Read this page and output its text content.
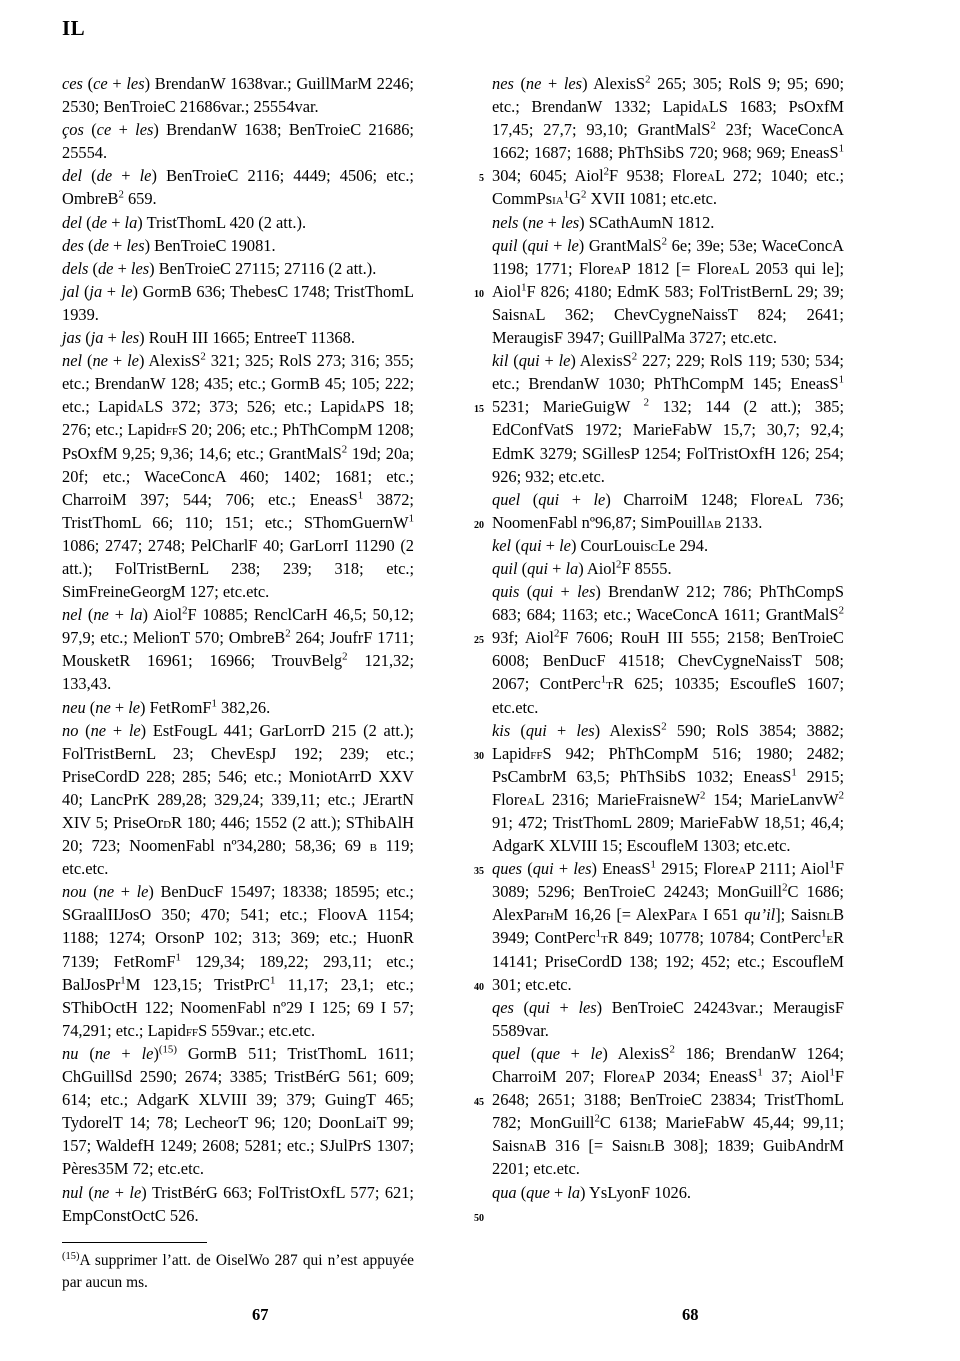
IL

ces (ce + les) BrendanW 1638var.; GuillMarM 2246; 2530; BenTroieC 21686var.; 25554var.

ços (ce + les) BrendanW 1638; BenTroieC 21686; 25554.

del (de + le) BenTroieC 2116; 4449; 4506; etc.; OmbreB$^2$ 659.

del (de + la) TristThomL 420 (2 att.).

des (de + les) BenTroieC 19081.

dels (de + les) BenTroieC 27115; 27116 (2 att.).

jal (ja + le) GormB 636; ThebesC 1748; TristThomL 1939.

jas (ja + les) RouH III 1665; EntreeT 11368.

nel (ne + le) AlexisS$^2$ 321; 325; RolS 273; 316; 355; etc.; BrendanW 128; 435; etc.; GormB 45; 105; 222; etc.; LapidaLS 372; 373; 526; etc.; LapidaPS 18; 276; etc.; LapidffS 20; 206; etc.; PhThCompM 1208; PsOxfM 9,25; 9,36; 14,6; etc.; GrantMalS$^2$ 19d; 20a; 20f; etc.; WaceConcA 460; 1402; 1681; etc.; CharroiM 397; 544; 706; etc.; EneasS$^1$ 3872; TristThomL 66; 110; 151; etc.; SThomGuernW$^1$ 1086; 2747; 2748; PelCharlF 40; GarLorrI 11290 (2 att.); FolTristBernL 238; 239; 318; etc.; SimFreineGeorgM 127; etc.etc.

nel (ne + la) Aiol$^2$F 10885; RenclCarH 46,5; 50,12; 97,9; etc.; MelionT 570; OmbreB$^2$ 264; JoufrF 1711; MousketR 16961; 16966; TrouvBelg$^2$ 121,32; 133,43.

neu (ne + le) FetRomF$^1$ 382,26.

no (ne + le) EstFougL 441; GarLorrD 215 (2 att.); FolTristBernL 23; ChevEspJ 192; 239; etc.; PriseCordD 228; 285; 546; etc.; MoniotArrD XXV 40; LancPrK 289,28; 329,24; 339,11; etc.; JErartN XIV 5; PriseOrdR 180; 446; 1552 (2 att.); SThibAlH 20; 723; NoomenFabl nº34,280; 58,36; 69 b 119; etc.etc.

nou (ne + le) BenDucF 15497; 18338; 18595; etc.; SGraalIIJosO 350; 470; 541; etc.; FloovA 1154; 1188; 1274; OrsonP 102; 313; 369; etc.; HuonR 7139; FetRomF$^1$ 129,34; 189,22; 293,11; etc.; BalJosPr$^1$M 123,15; TristPrC$^1$ 11,17; 23,1; etc.; SThibOctH 122; NoomenFabl nº29 I 125; 69 I 57; 74,291; etc.; LapidffS 559var.; etc.etc.

nu (ne + le)$^{(15)}$ GormB 511; TristThomL 1611; ChGuillSd 2590; 2674; 3385; TristBérG 561; 609; 614; etc.; AdgarK XLVIII 39; 379; GuingT 465; TydorelT 14; 78; LecheorT 96; 120; DoonLaiT 99; 157; WaldefH 1249; 2608; 5281; etc.; SJulPrS 1307; Pères35M 72; etc.etc.

nul (ne + le) TristBérG 663; FolTristOxfL 577; 621; EmpConstOctC 526.

$^{(15)}$A supprimer l’att. de OiselWo 287 qui n’est appuyée par aucun ms.

nes (ne + les) AlexisS$^2$ 265; 305; RolS 9; 95; 690; etc.; BrendanW 1332; LapidaLS 1683; PsOxfM 17,45; 27,7; 93,10; GrantMalS$^2$ 23f; WaceConcA 1662; 1687; 1688; PhThSibS 720; 968; 969; EneasS$^1$ 304; 6045; Aiol$^2$F 9538; FloreaL 272; 1040; etc.; $CommPsia^1G^2$ XVII 1081; etc.etc.

nels (ne + les) SCathAumN 1812.

quil (qui + le) GrantMalS$^2$ 6e; 39e; 53e; WaceConcA 1198; 1771; FloreaP 1812 [= FloreaL 2053 qui le]; Aiol$^1$F 826; 4180; EdmK 583; FolTristBernL 29; 39; SaisnaL 362; ChevCygneNaissT 824; 2641; MeraugisF 3947; GuillPalMa 3727; etc.etc.

kil (qui + le) AlexisS$^2$ 227; 229; RolS 119; 530; 534; etc.; BrendanW 1030; PhThCompM 145; EneasS$^1$ 5231; MarieGuigW $^2$ 132; 144 (2 att.); 385; EdConfVatS 1972; MarieFabW 15,7; 30,7; 92,4; EdmK 3279; SGillesP 1254; FolTristOxfH 126; 254; 926; 932; etc.etc.

quel (qui + le) CharroiM 1248; FloreaL 736; NoomenFabl nº96,87; SimPouillab 2133.

kel (qui + le) CourLouiscLe 294.

quil (qui + la) Aiol$^2$F 8555.

quis (qui + les) BrendanW 212; 786; PhThCompS 683; 684; 1163; etc.; WaceConcA 1611; GrantMalS$^2$ 93f; Aiol$^2$F 7606; RouH III 555; 2158; BenTroieC 6008; BenDucF 41518; ChevCygneNaissT 508; 2067; ContPerc$^1$tR 625; 10335; EscoufleS 1607; etc.etc.

kis (qui + les) AlexisS$^2$ 590; RolS 3854; 3882; LapidffS 942; PhThCompM 516; 1980; 2482; PsCambrM 63,5; PhThSibS 1032; EneasS$^1$ 2915; FloreaL 2316; MarieFraisneW$^2$ 154; MarieLanvW$^2$ 91; 472; TristThomL 2809; MarieFabW 18,51; 46,4; AdgarK XLVIII 15; EscoufleM 1303; etc.etc.

ques (qui + les) EneasS$^1$ 2915; FloreaP 2111; Aiol$^1$F 3089; 5296; BenTroieC 24243; MonGuill$^2$C 1686; AlexParhM 16,26 [= AlexPara I 651 qu’il]; SaisnlB 3949; ContPerc$^1$tR 849; 10778; 10784; ContPerc$^1$eR 14141; PriseCordD 138; 192; 452; etc.; EscoufleM 301; etc.etc.

qes (qui + les) BenTroieC 24243var.; MeraugisF 5589var.

quel (que + le) AlexisS$^2$ 186; BrendanW 1264; CharroiM 207; FloreaP 2034; EneasS$^1$ 37; Aiol$^1$F 2648; 2651; 3188; BenTroieC 23834; TristThomL 782; MonGuill$^2$C 6138; MarieFabW 45,44; 99,11; SaisnaB 316 [= SaisnlB 308]; 1839; GuibAndrM 2201; etc.etc.

qua (que + la) YsLyonF 1026.

5
10
15
20
25
30
35
40
45
50
67	68
